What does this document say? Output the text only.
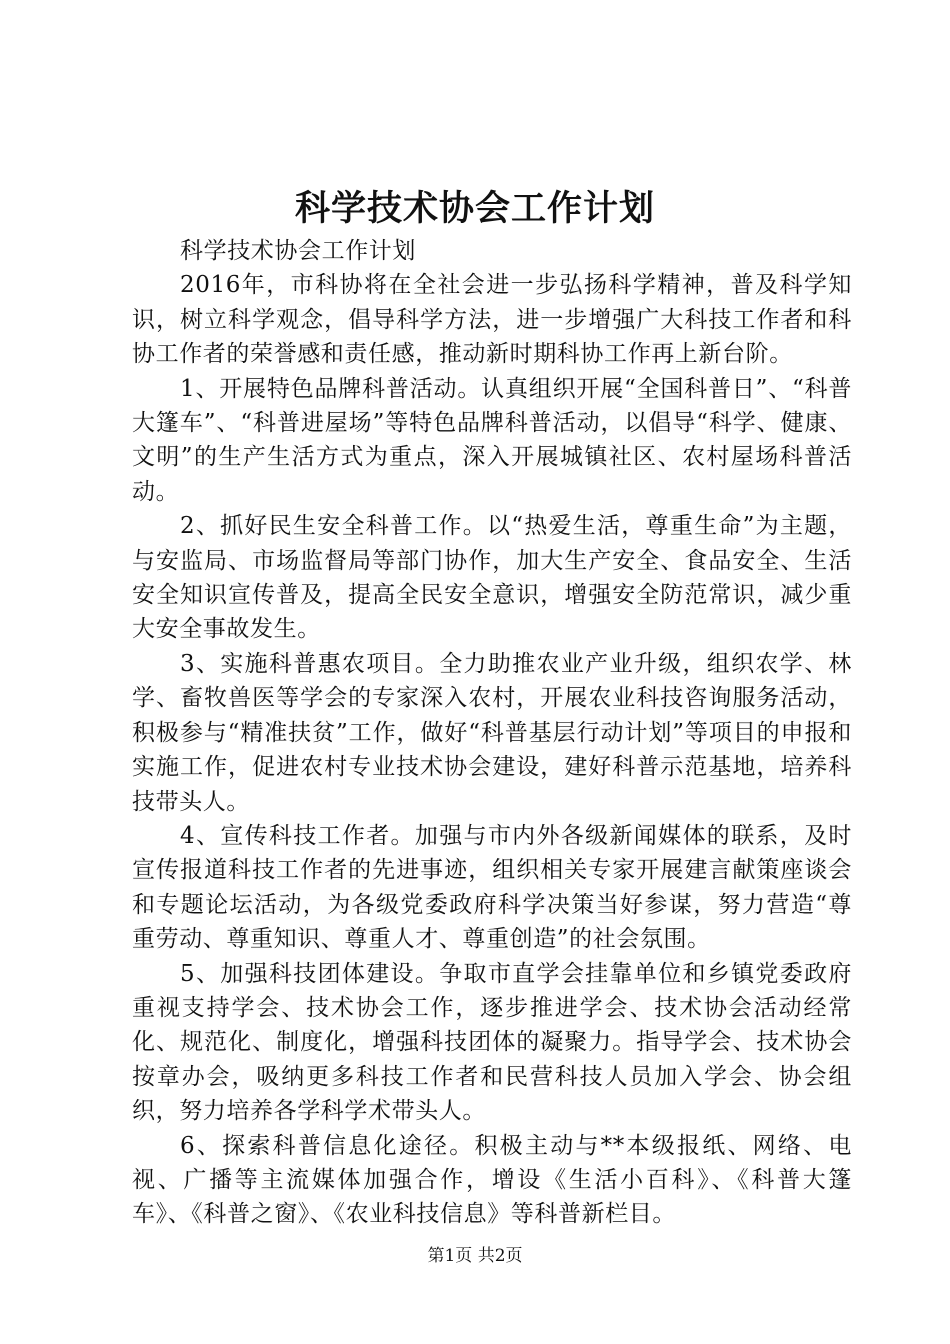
科学技术协会工作计划

科学技术协会工作计划

2016年，市科协将在全社会进一步弘扬科学精神，普及科学知识，树立科学观念，倡导科学方法，进一步增强广大科技工作者和科协工作者的荣誉感和责任感，推动新时期科协工作再上新台阶。

1、开展特色品牌科普活动。认真组织开展“全国科普日”、“科普大篷车”、“科普进屋场”等特色品牌科普活动，以倡导“科学、健康、文明”的生产生活方式为重点，深入开展城镇社区、农村屋场科普活动。

2、抓好民生安全科普工作。以“热爱生活，尊重生命”为主题，与安监局、市场监督局等部门协作，加大生产安全、食品安全、生活安全知识宣传普及，提高全民安全意识，增强安全防范常识，减少重大安全事故发生。

3、实施科普惠农项目。全力助推农业产业升级，组织农学、林学、畜牧兽医等学会的专家深入农村，开展农业科技咨询服务活动，积极参与“精准扶贫”工作，做好“科普基层行动计划”等项目的申报和实施工作，促进农村专业技术协会建设，建好科普示范基地，培养科技带头人。

4、宣传科技工作者。加强与市内外各级新闻媒体的联系，及时宣传报道科技工作者的先进事迹，组织相关专家开展建言献策座谈会和专题论坛活动，为各级党委政府科学决策当好参谋，努力营造“尊重劳动、尊重知识、尊重人才、尊重创造”的社会氛围。

5、加强科技团体建设。争取市直学会挂靠单位和乡镇党委政府重视支持学会、技术协会工作，逐步推进学会、技术协会活动经常化、规范化、制度化，增强科技团体的凝聚力。指导学会、技术协会按章办会，吸纳更多科技工作者和民营科技人员加入学会、协会组织，努力培养各学科学术带头人。

6、探索科普信息化途径。积极主动与**本级报纸、网络、电视、广播等主流媒体加强合作，增设《生活小百科》、《科普大篷车》、《科普之窗》、《农业科技信息》等科普新栏目。

第1页 共2页
